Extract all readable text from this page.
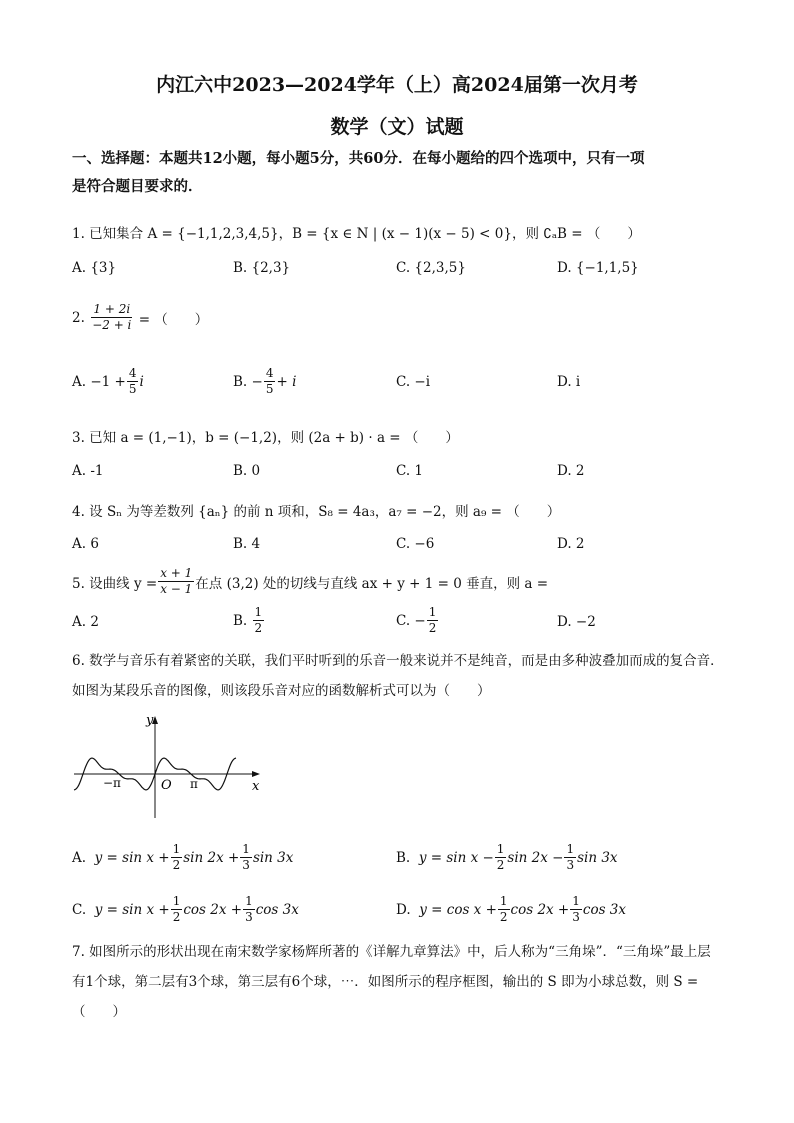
内江六中2023—2024学年（上）高2024届第一次月考
数学（文）试题
一、选择题：本题共12小题，每小题5分，共60分．在每小题给的四个选项中，只有一项
是符合题目要求的．
1. 已知集合 A = {−1,1,2,3,4,5}，B = {x ∈ N | (x − 1)(x − 5) < 0}，则 ∁ₐB = （　　）
A. {3}	B. {2,3}	C. {2,3,5}	D. {−1,1,5}
2.
$\frac{1 + 2i}{-2 + i}$
= （　　）
A. $-1 + \frac{4}{5}$ i	B. − $\frac{4}{5} + i$	C. −i	D. i
3. 已知 a = (1,−1)，b = (−1,2)，则 (2a + b) · a = （　　）
A. -1	B. 0	C. 1	D. 2
4. 设 Sₙ 为等差数列 {aₙ} 的前 n 项和，S₈ = 4a₃，a₇ = −2，则 a₉ = （　　）
A. 6	B. 4	C. −6	D. 2
5. 设曲线 $y = \frac{x + 1}{x - 1}$ 在点 (3,2) 处的切线与直线 ax + y + 1 = 0 垂直，则 a =
A. 2	B.
$\frac{1}{2}$	C. − $\frac{1}{2}$	D. −2
6. 数学与音乐有着紧密的关联，我们平时听到的乐音一般来说并不是纯音，而是由多种波叠加而成的复合音．如图为某段乐音的图像，则该段乐音对应的函数解析式可以为（　　）
y
x
O
−π	π
A.
$y = \sin x + \frac{1}{2}$ $\sin 2x + \frac{1}{3}$ sin 3x	B.
$y = \sin x - \frac{1}{2}$ $\sin 2x - \frac{1}{3}$ sin 3x
C.
$y = \sin x + \frac{1}{2}$ $\cos 2x + \frac{1}{3}$ cos 3x	D.
$y = \cos x + \frac{1}{2}$ $\cos 2x + \frac{1}{3}$ cos 3x
7. 如图所示的形状出现在南宋数学家杨辉所著的《详解九章算法》中，后人称为“三角垛”．“三角垛”最上层有1个球，第二层有3个球，第三层有6个球，⋯．如图所示的程序框图，输出的 S 即为小球总数，则 S = （　　）
